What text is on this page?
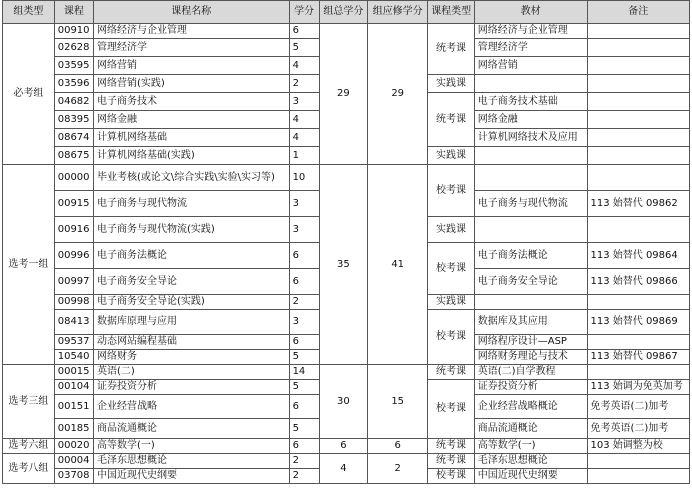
组类型	课程	课程名称	学分	组总学分	组应修学分	课程类型	教材	备注
必考组	00910	网络经济与企业管理	6	29	29	统考课	网络经济与企业管理	
	02628	管理经济学	5				管理经济学	
	03595	网络营销	4				网络营销	
	03596	网络营销(实践)	2			实践课		
	04682	电子商务技术	3			统考课	电子商务技术基础	
	08395	网络金融	4				网络金融	
	08674	计算机网络基础	4				计算机网络技术及应用	
	08675	计算机网络基础(实践)	1			实践课		
选考一组	00000	毕业考核(或论文\综合实践\实验\实习等)	10	35	41	校考课		
	00915	电子商务与现代物流	3				电子商务与现代物流	113 始替代 09862
	00916	电子商务与现代物流(实践)	3			实践课		
	00996	电子商务法概论	6			校考课	电子商务法概论	113 始替代 09864
	00997	电子商务安全导论	6				电子商务安全导论	113 始替代 09866
	00998	电子商务安全导论(实践)	2			实践课		
	08413	数据库原理与应用	3			校考课	数据库及其应用	113 始替代 09869
	09537	动态网站编程基础	6				网络程序设计—ASP	
	10540	网络财务	5				网络财务理论与技术	113 始替代 09867
选考三组	00015	英语(二)	14	30	15	统考课	英语(二)自学教程	
	00104	证券投资分析	5			校考课	证券投资分析	113 始调为免英加考
	00151	企业经营战略	6				企业经营战略概论	免考英语(二)加考
	00185	商品流通概论	5				商品流通概论	免考英语(二)加考
选考六组	00020	高等数学(一)	6	6	6	统考课	高等数学(一)	103 始调整为校
选考八组	00004	毛泽东思想概论	2	4	2	统考课	毛泽东思想概论	
	03708	中国近现代史纲要	2			校考课	中国近现代史纲要	
